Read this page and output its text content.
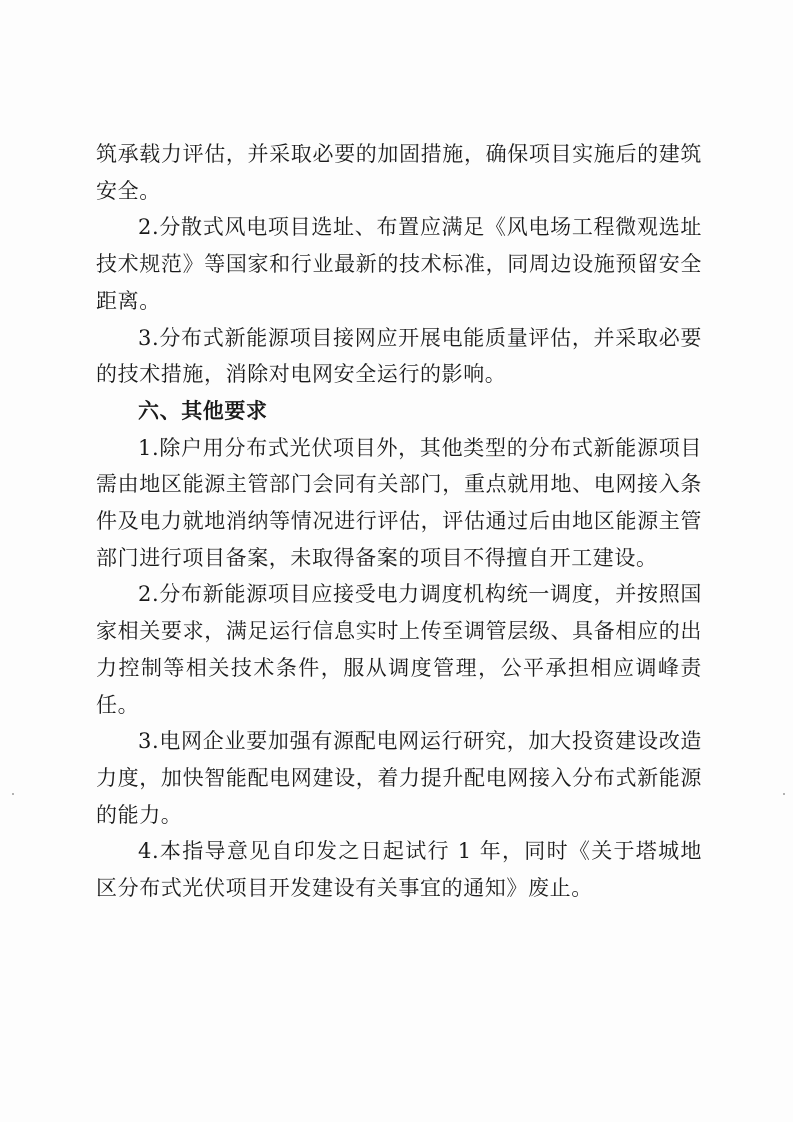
筑承载力评估，并采取必要的加固措施，确保项目实施后的建筑安全。

2.分散式风电项目选址、布置应满足《风电场工程微观选址技术规范》等国家和行业最新的技术标准，同周边设施预留安全距离。

3.分布式新能源项目接网应开展电能质量评估，并采取必要的技术措施，消除对电网安全运行的影响。

六、其他要求

1.除户用分布式光伏项目外，其他类型的分布式新能源项目需由地区能源主管部门会同有关部门，重点就用地、电网接入条件及电力就地消纳等情况进行评估，评估通过后由地区能源主管部门进行项目备案，未取得备案的项目不得擅自开工建设。

2.分布新能源项目应接受电力调度机构统一调度，并按照国家相关要求，满足运行信息实时上传至调管层级、具备相应的出力控制等相关技术条件，服从调度管理，公平承担相应调峰责任。

3.电网企业要加强有源配电网运行研究，加大投资建设改造力度，加快智能配电网建设，着力提升配电网接入分布式新能源的能力。

4.本指导意见自印发之日起试行 1 年，同时《关于塔城地区分布式光伏项目开发建设有关事宜的通知》废止。
